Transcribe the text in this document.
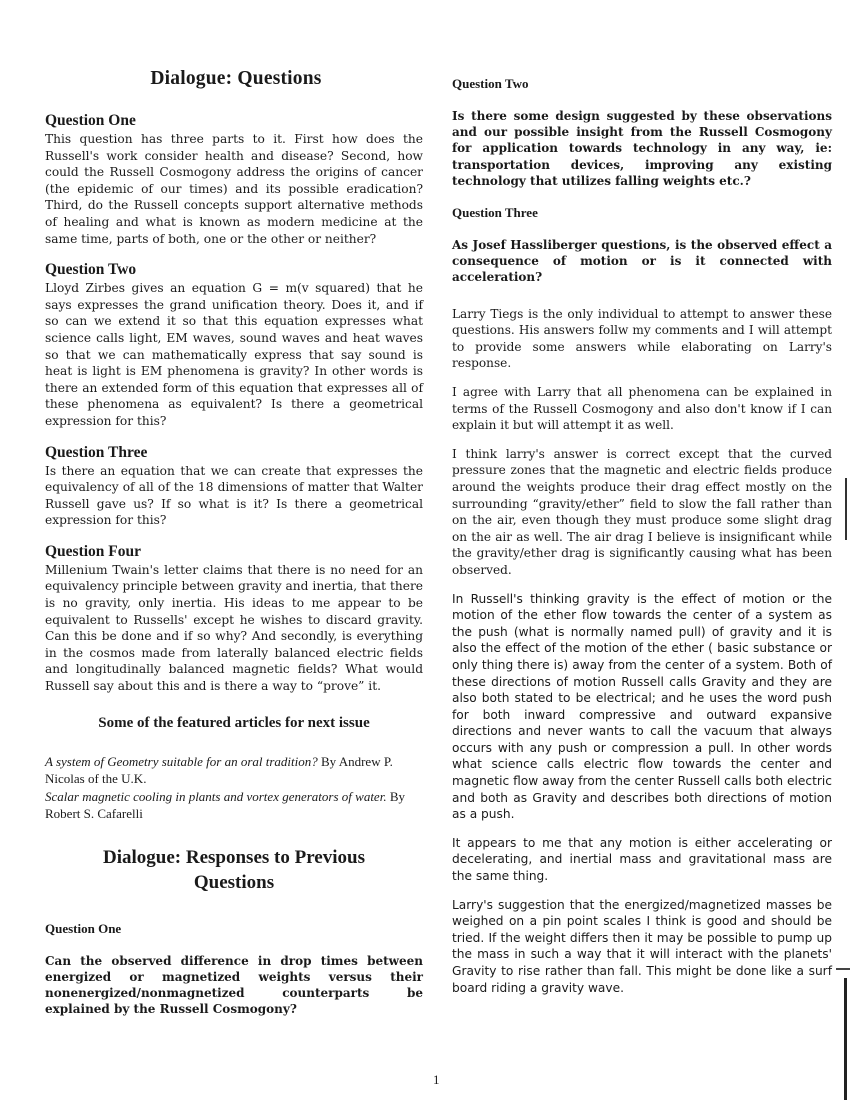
Dialogue: Questions
Question One

This question has three parts to it. First how does the Russell's work consider health and disease? Second, how could the Russell Cosmogony address the origins of cancer (the epidemic of our times) and its possible eradication? Third, do the Russell concepts support alternative methods of healing and what is known as modern medicine at the same time, parts of both, one or the other or neither?

Question Two

Lloyd Zirbes gives an equation G = m(v squared) that he says expresses the grand unification theory. Does it, and if so can we extend it so that this equation expresses what science calls light, EM waves, sound waves and heat waves so that we can mathematically express that say sound is heat is light is EM phenomena is gravity? In other words is there an extended form of this equation that expresses all of these phenomena as equivalent? Is there a geometrical expression for this?

Question Three

Is there an equation that we can create that expresses the equivalency of all of the 18 dimensions of matter that Walter Russell gave us? If so what is it? Is there a geometrical expression for this?

Question Four

Millenium Twain's letter claims that there is no need for an equivalency principle between gravity and inertia, that there is no gravity, only inertia. His ideas to me appear to be equivalent to Russells' except he wishes to discard gravity. Can this be done and if so why? And secondly, is everything in the cosmos made from laterally balanced electric fields and longitudinally balanced magnetic fields? What would Russell say about this and is there a way to “prove” it.

Some of the featured articles for next issue

A system of Geometry suitable for an oral tradition? By Andrew P. Nicolas of the U.K.

Scalar magnetic cooling in plants and vortex generators of water. By Robert S. Cafarelli

Dialogue: Responses to Previous
Questions
Question One

Can the observed difference in drop times between energized or magnetized weights versus their nonenergized/nonmagnetized counterparts be explained by the Russell Cosmogony?

Question Two

Is there some design suggested by these observations and our possible insight from the Russell Cosmogony for application towards technology in any way, ie: transportation devices, improving any existing technology that utilizes falling weights etc.?

Question Three

As Josef Hassliberger questions, is the observed effect a consequence of motion or is it connected with acceleration?

Larry Tiegs is the only individual to attempt to answer these questions. His answers follw my comments and I will attempt to provide some answers while elaborating on Larry's response.

I agree with Larry that all phenomena can be explained in terms of the Russell Cosmogony and also don't know if I can explain it but will attempt it as well.

I think larry's answer is correct except that the curved pressure zones that the magnetic and electric fields produce around the weights produce their drag effect mostly on the surrounding “gravity/ether” field to slow the fall rather than on the air, even though they must produce some slight drag on the air as well. The air drag I believe is insignificant while the gravity/ether drag is significantly causing what has been observed.

In Russell's thinking gravity is the effect of motion or the motion of the ether flow towards the center of a system as the push (what is normally named pull) of gravity and it is also the effect of the motion of the ether ( basic substance or only thing there is) away from the center of a system. Both of these directions of motion Russell calls Gravity and they are also both stated to be electrical; and he uses the word push for both inward compressive and outward expansive directions and never wants to call the vacuum that always occurs with any push or compression a pull. In other words what science calls electric flow towards the center and magnetic flow away from the center Russell calls both electric and both as Gravity and describes both directions of motion as a push.

It appears to me that any motion is either accelerating or decelerating, and inertial mass and gravitational mass are the same thing.

Larry's suggestion that the energized/magnetized masses be weighed on a pin point scales I think is good and should be tried. If the weight differs then it may be possible to pump up the mass in such a way that it will interact with the planets' Gravity to rise rather than fall. This might be done like a surf board riding a gravity wave.

1
